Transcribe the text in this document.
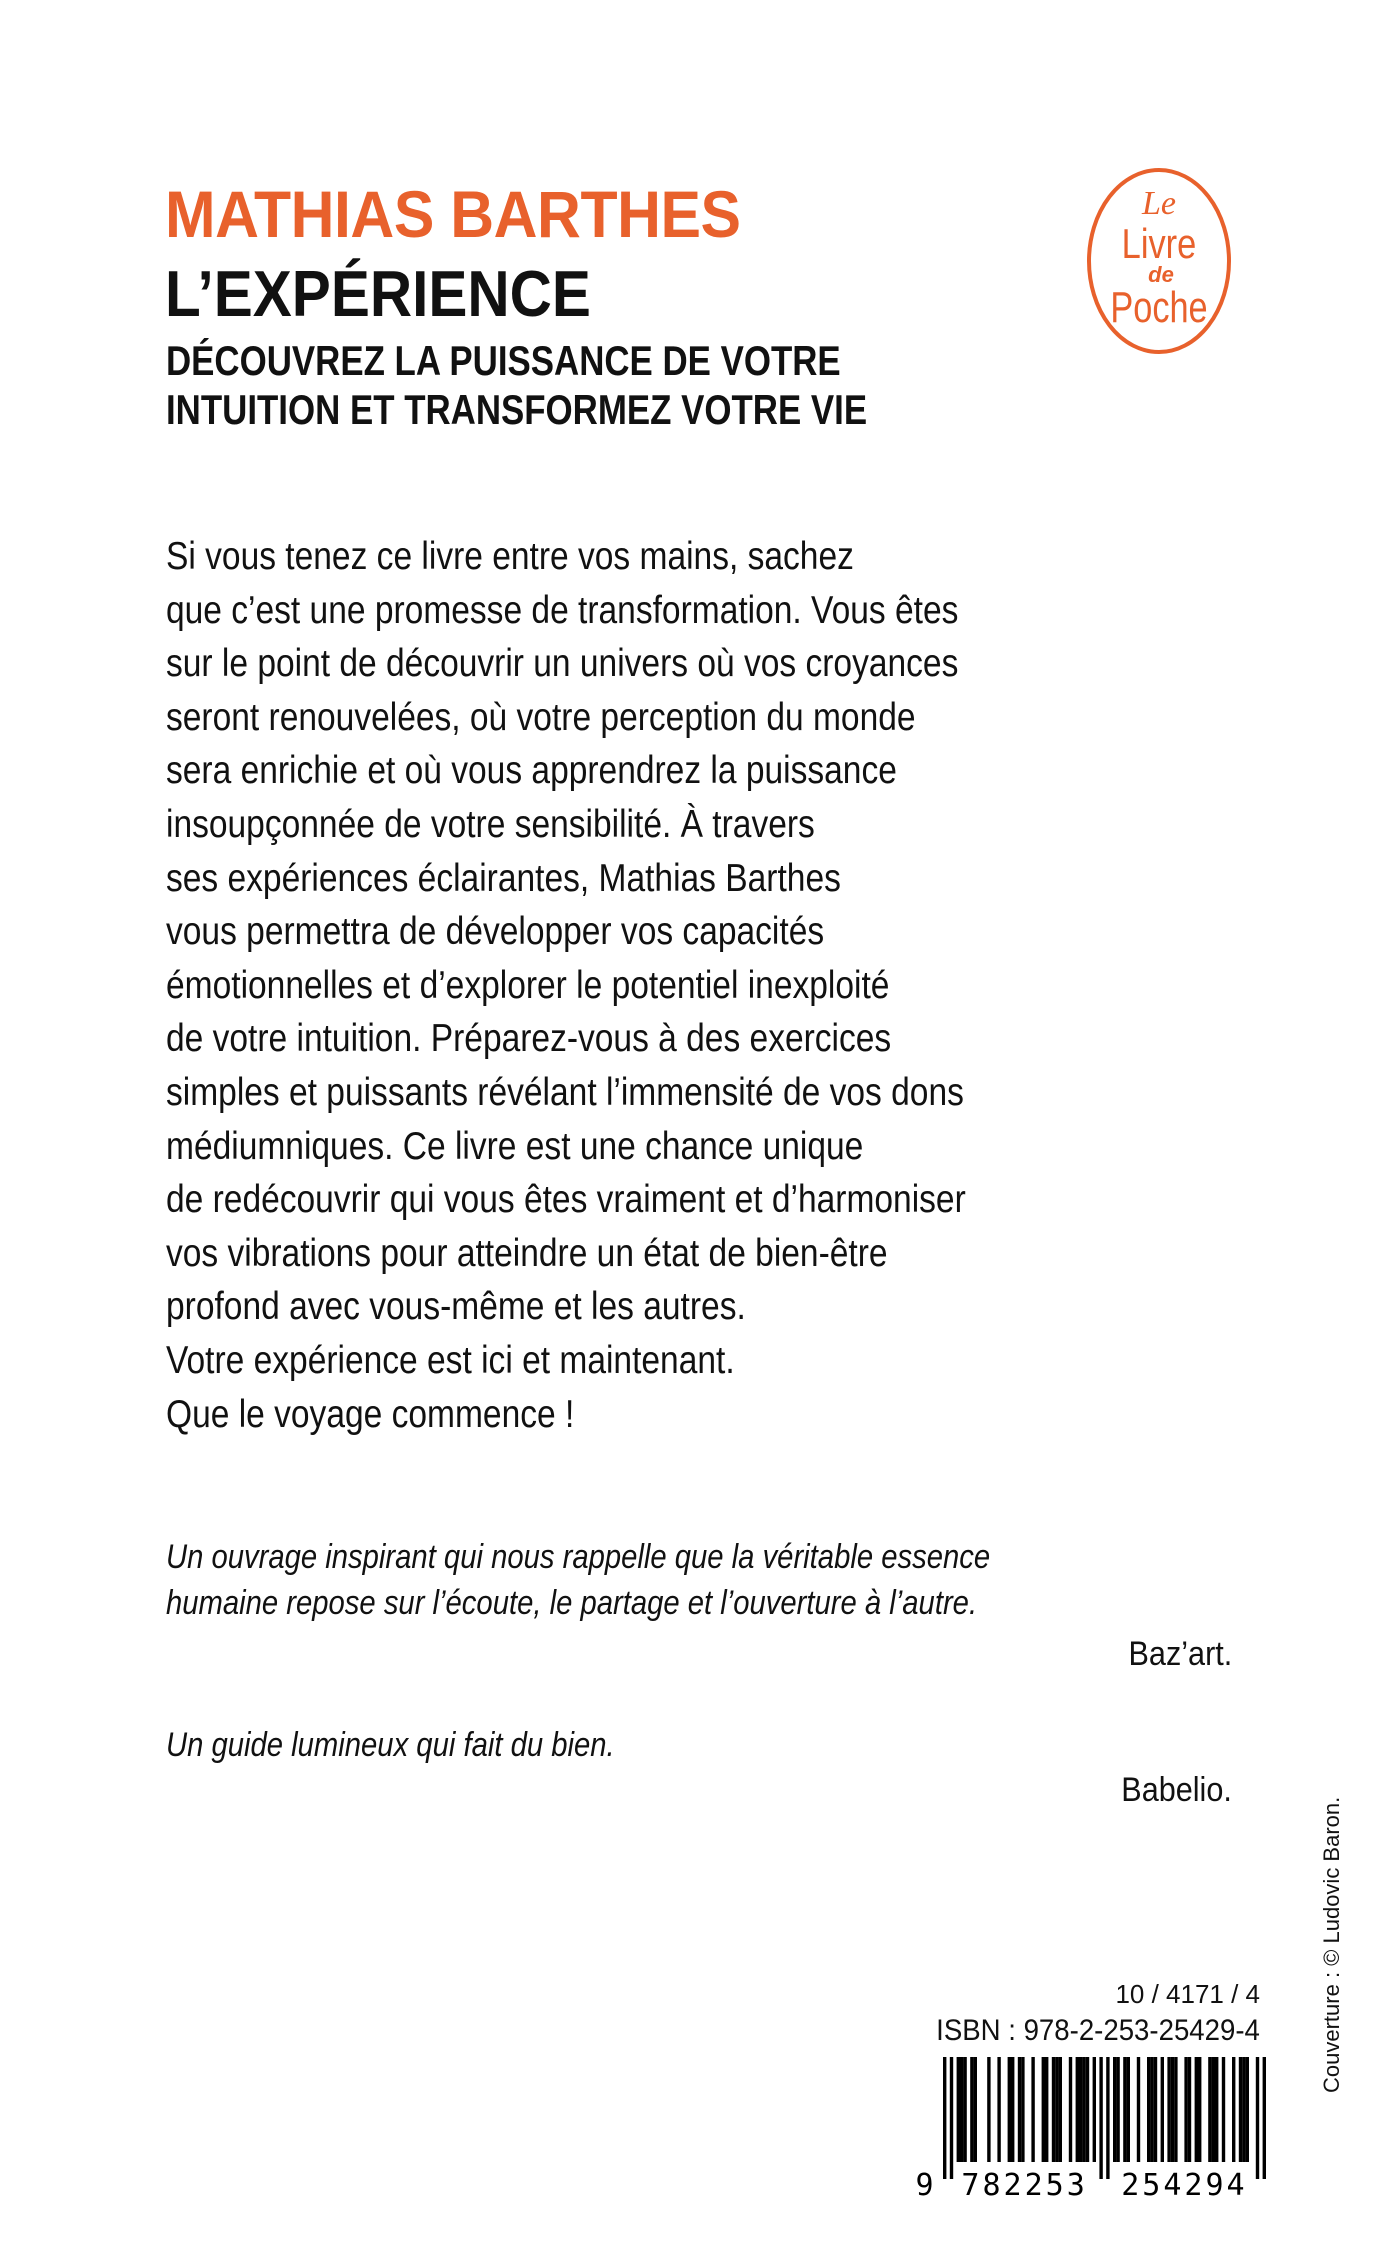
MATHIAS BARTHES
L’EXPÉRIENCE
DÉCOUVREZ LA PUISSANCE DE VOTRE
INTUITION ET TRANSFORMEZ VOTRE VIE
Le
Livre
de
Poche
Si vous tenez ce livre entre vos mains, sachez
que c’est une promesse de transformation. Vous êtes
sur le point de découvrir un univers où vos croyances
seront renouvelées, où votre perception du monde
sera enrichie et où vous apprendrez la puissance
insoupçonnée de votre sensibilité. À travers
ses expériences éclairantes, Mathias Barthes
vous permettra de développer vos capacités
émotionnelles et d’explorer le potentiel inexploité
de votre intuition. Préparez-vous à des exercices
simples et puissants révélant l’immensité de vos dons
médiumniques. Ce livre est une chance unique
de redécouvrir qui vous êtes vraiment et d’harmoniser
vos vibrations pour atteindre un état de bien-être
profond avec vous-même et les autres.
Votre expérience est ici et maintenant.
Que le voyage commence !
Un ouvrage inspirant qui nous rappelle que la véritable essence
humaine repose sur l’écoute, le partage et l’ouverture à l’autre.
Baz’art.
Un guide lumineux qui fait du bien.
Babelio.
10 / 4171 / 4
ISBN : 978-2-253-25429-4
9 782253 254294
Couverture : © Ludovic Baron.
